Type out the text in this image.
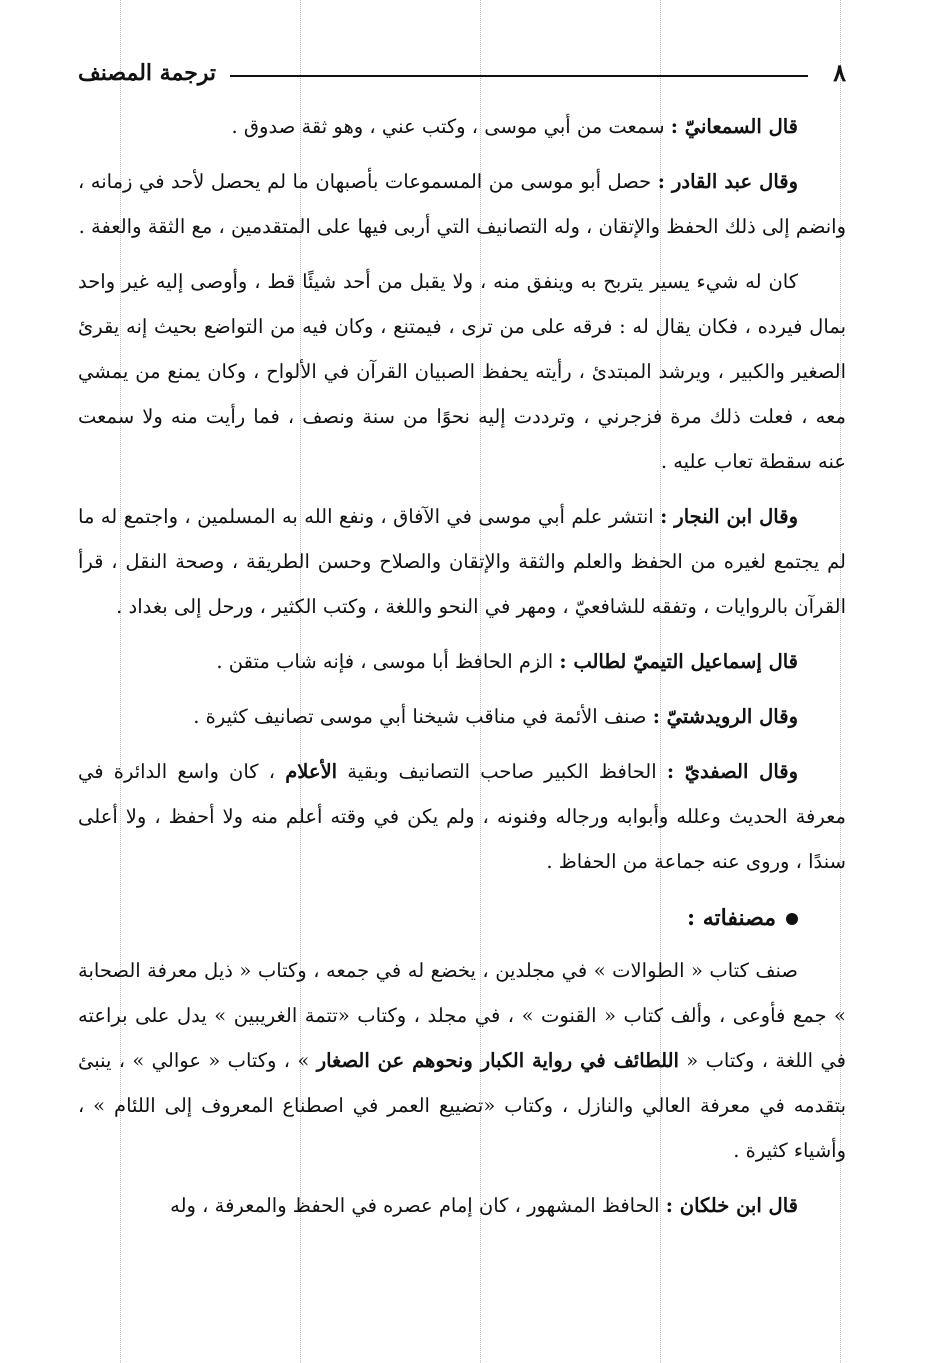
٨
ترجمة المصنف

قال السمعانيّ : سمعت من أبي موسى ، وكتب عني ، وهو ثقة صدوق .

وقال عبد القادر : حصل أبو موسى من المسموعات بأصبهان ما لم يحصل لأحد في زمانه ، وانضم إلى ذلك الحفظ والإتقان ، وله التصانيف التي أربى فيها على المتقدمين ، مع الثقة والعفة .

كان له شيء يسير يتربح به وينفق منه ، ولا يقبل من أحد شيئًا قط ، وأوصى إليه غير واحد بمال فيرده ، فكان يقال له : فرقه على من ترى ، فيمتنع ، وكان فيه من التواضع بحيث إنه يقرئ الصغير والكبير ، ويرشد المبتدئ ، رأيته يحفظ الصبيان القرآن في الألواح ، وكان يمنع من يمشي معه ، فعلت ذلك مرة فزجرني ، وترددت إليه نحوًا من سنة ونصف ، فما رأيت منه ولا سمعت عنه سقطة تعاب عليه .

وقال ابن النجار : انتشر علم أبي موسى في الآفاق ، ونفع الله به المسلمين ، واجتمع له ما لم يجتمع لغيره من الحفظ والعلم والثقة والإتقان والصلاح وحسن الطريقة ، وصحة النقل ، قرأ القرآن بالروايات ، وتفقه للشافعيّ ، ومهر في النحو واللغة ، وكتب الكثير ، ورحل إلى بغداد .

قال إسماعيل التيميّ لطالب : الزم الحافظ أبا موسى ، فإنه شاب متقن .

وقال الرويدشتيّ : صنف الأئمة في مناقب شيخنا أبي موسى تصانيف كثيرة .

وقال الصفديّ : الحافظ الكبير صاحب التصانيف وبقية الأعلام ، كان واسع الدائرة في معرفة الحديث وعلله وأبوابه ورجاله وفنونه ، ولم يكن في وقته أعلم منه ولا أحفظ ، ولا أعلى سندًا ، وروى عنه جماعة من الحفاظ .

مصنفاته :

صنف كتاب « الطوالات » في مجلدين ، يخضع له في جمعه ، وكتاب « ذيل معرفة الصحابة » جمع فأوعى ، وألف كتاب « القنوت » ، في مجلد ، وكتاب «تتمة الغريبين » يدل على براعته في اللغة ، وكتاب « اللطائف في رواية الكبار ونحوهم عن الصغار » ، وكتاب « عوالي » ، ينبئ بتقدمه في معرفة العالي والنازل ، وكتاب «تضييع العمر في اصطناع المعروف إلى اللئام » ، وأشياء كثيرة .

قال ابن خلكان : الحافظ المشهور ، كان إمام عصره في الحفظ والمعرفة ، وله
